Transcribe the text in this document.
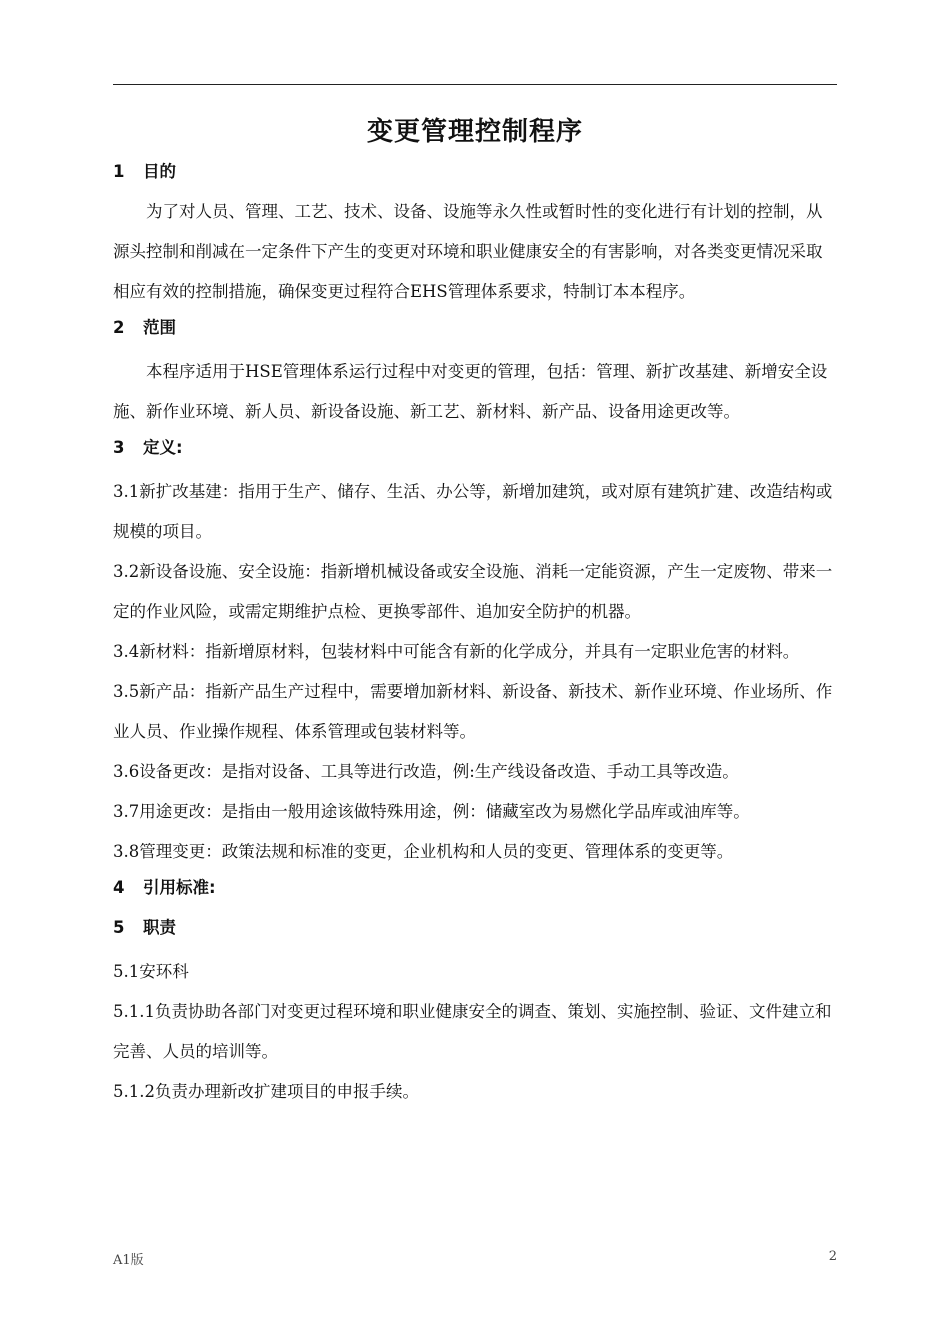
变更管理控制程序
1 目的

为了对人员、管理、工艺、技术、设备、设施等永久性或暂时性的变化进行有计划的控制，从源头控制和削减在一定条件下产生的变更对环境和职业健康安全的有害影响，对各类变更情况采取相应有效的控制措施，确保变更过程符合EHS管理体系要求，特制订本本程序。

2 范围

本程序适用于HSE管理体系运行过程中对变更的管理，包括：管理、新扩改基建、新增安全设施、新作业环境、新人员、新设备设施、新工艺、新材料、新产品、设备用途更改等。

3 定义:

3.1新扩改基建：指用于生产、储存、生活、办公等，新增加建筑，或对原有建筑扩建、改造结构或规模的项目。

3.2新设备设施、安全设施：指新增机械设备或安全设施、消耗一定能资源，产生一定废物、带来一定的作业风险，或需定期维护点检、更换零部件、追加安全防护的机器。

3.4新材料：指新增原材料，包装材料中可能含有新的化学成分，并具有一定职业危害的材料。

3.5新产品：指新产品生产过程中，需要增加新材料、新设备、新技术、新作业环境、作业场所、作业人员、作业操作规程、体系管理或包装材料等。

3.6设备更改：是指对设备、工具等进行改造，例:生产线设备改造、手动工具等改造。

3.7用途更改：是指由一般用途该做特殊用途，例：储藏室改为易燃化学品库或油库等。

3.8管理变更：政策法规和标准的变更，企业机构和人员的变更、管理体系的变更等。

4 引用标准:
5 职责

5.1安环科

5.1.1负责协助各部门对变更过程环境和职业健康安全的调查、策划、实施控制、验证、文件建立和完善、人员的培训等。

5.1.2负责办理新改扩建项目的申报手续。

A1版	2
